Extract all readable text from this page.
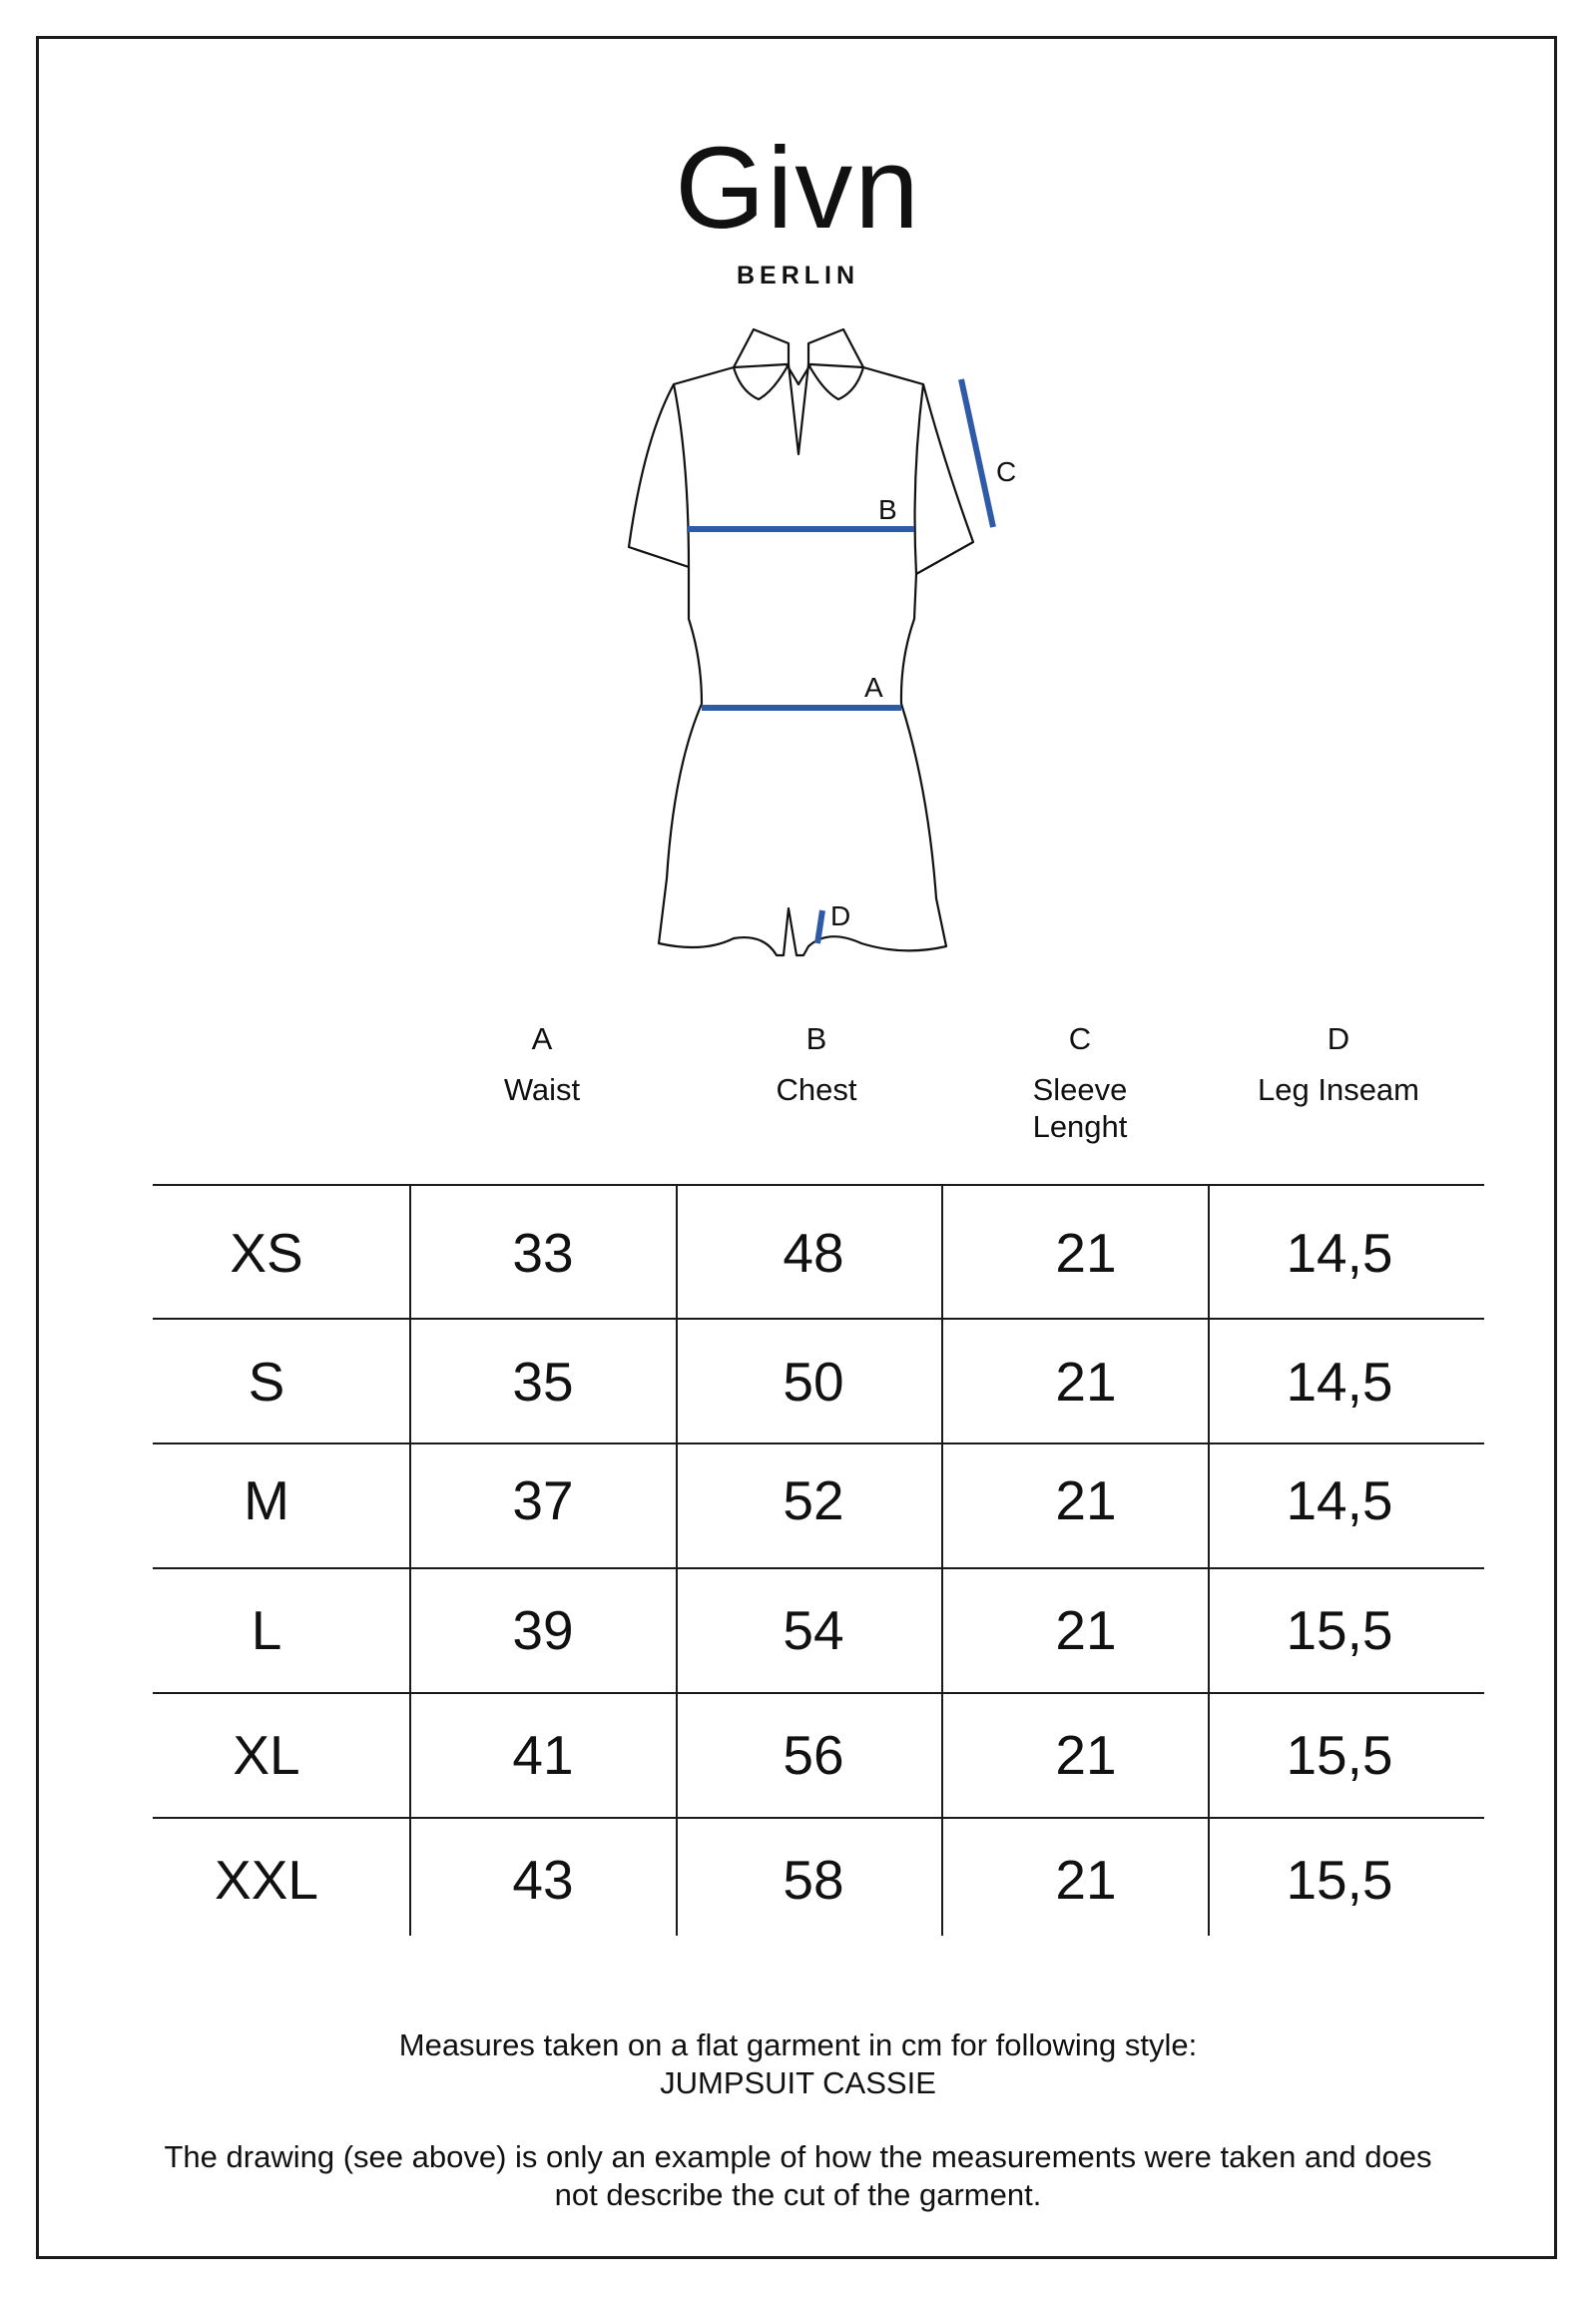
Givn
BERLIN
B
A
C
D
A
Waist
B
Chest
C
Sleeve Lenght
D
Leg Inseam
XS	33	48	21	14,5
S	35	50	21	14,5
M	37	52	21	14,5
L	39	54	21	15,5
XL	41	56	21	15,5
XXL	43	58	21	15,5
Measures taken on a flat garment in cm for following style:
JUMPSUIT CASSIE
The drawing (see above) is only an example of how the measurements were taken and does
not describe the cut of the garment.
